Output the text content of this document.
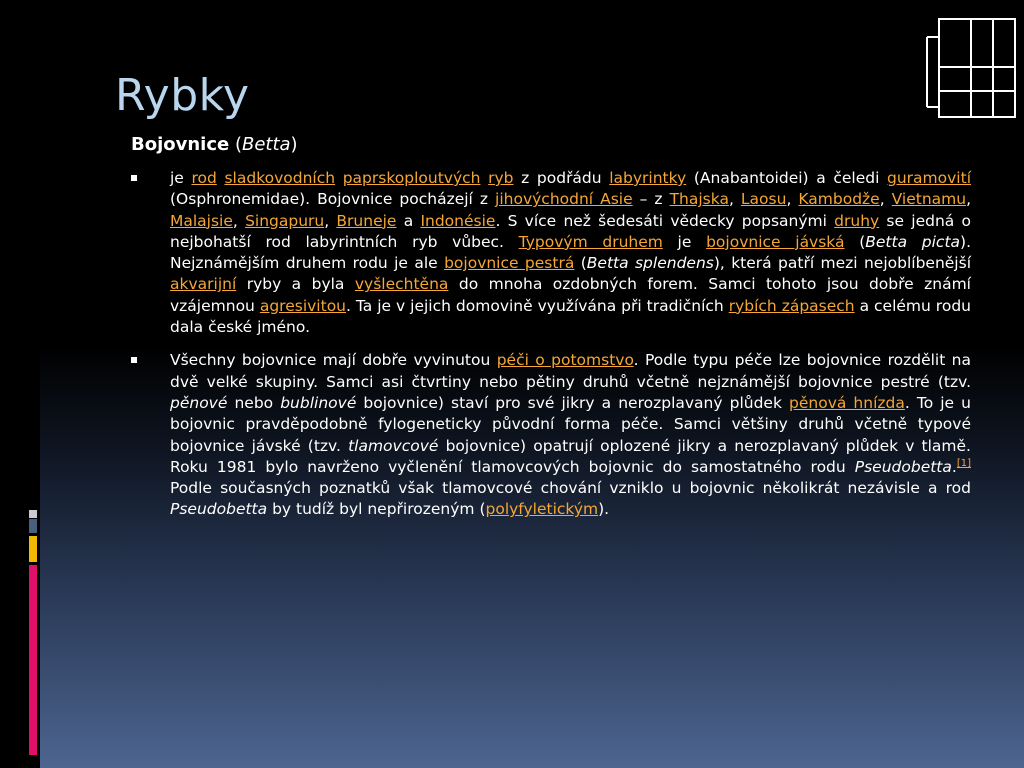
Rybky

Bojovnice (Betta)

je rod sladkovodních paprskoploutvých ryb z podřádu labyrintky (Anabantoidei) a čeledi guramovití (Osphronemidae). Bojovnice pocházejí z jihovýchodní Asie – z Thajska, Laosu, Kambodže, Vietnamu, Malajsie, Singapuru, Bruneje a Indonésie. S více než šedesáti vědecky popsanými druhy se jedná o nejbohatší rod labyrintních ryb vůbec. Typovým druhem je bojovnice jávská (Betta picta). Nejznámějším druhem rodu je ale bojovnice pestrá (Betta splendens), která patří mezi nejoblíbenější akvarijní ryby a byla vyšlechtěna do mnoha ozdobných forem. Samci tohoto jsou dobře známí vzájemnou agresivitou. Ta je v jejich domovině využívána při tradičních rybích zápasech a celému rodu dala české jméno.

Všechny bojovnice mají dobře vyvinutou péči o potomstvo. Podle typu péče lze bojovnice rozdělit na dvě velké skupiny. Samci asi čtvrtiny nebo pětiny druhů včetně nejznámější bojovnice pestré (tzv. pěnové nebo bublinové bojovnice) staví pro své jikry a nerozplavaný plůdek pěnová hnízda. To je u bojovnic pravděpodobně fylogeneticky původní forma péče. Samci většiny druhů včetně typové bojovnice jávské (tzv. tlamovcové bojovnice) opatrují oplozené jikry a nerozplavaný plůdek v tlamě. Roku 1981 bylo navrženo vyčlenění tlamovcových bojovnic do samostatného rodu Pseudobetta.[1] Podle současných poznatků však tlamovcové chování vzniklo u bojovnic několikrát nezávisle a rod Pseudobetta by tudíž byl nepřirozeným (polyfyletickým).
